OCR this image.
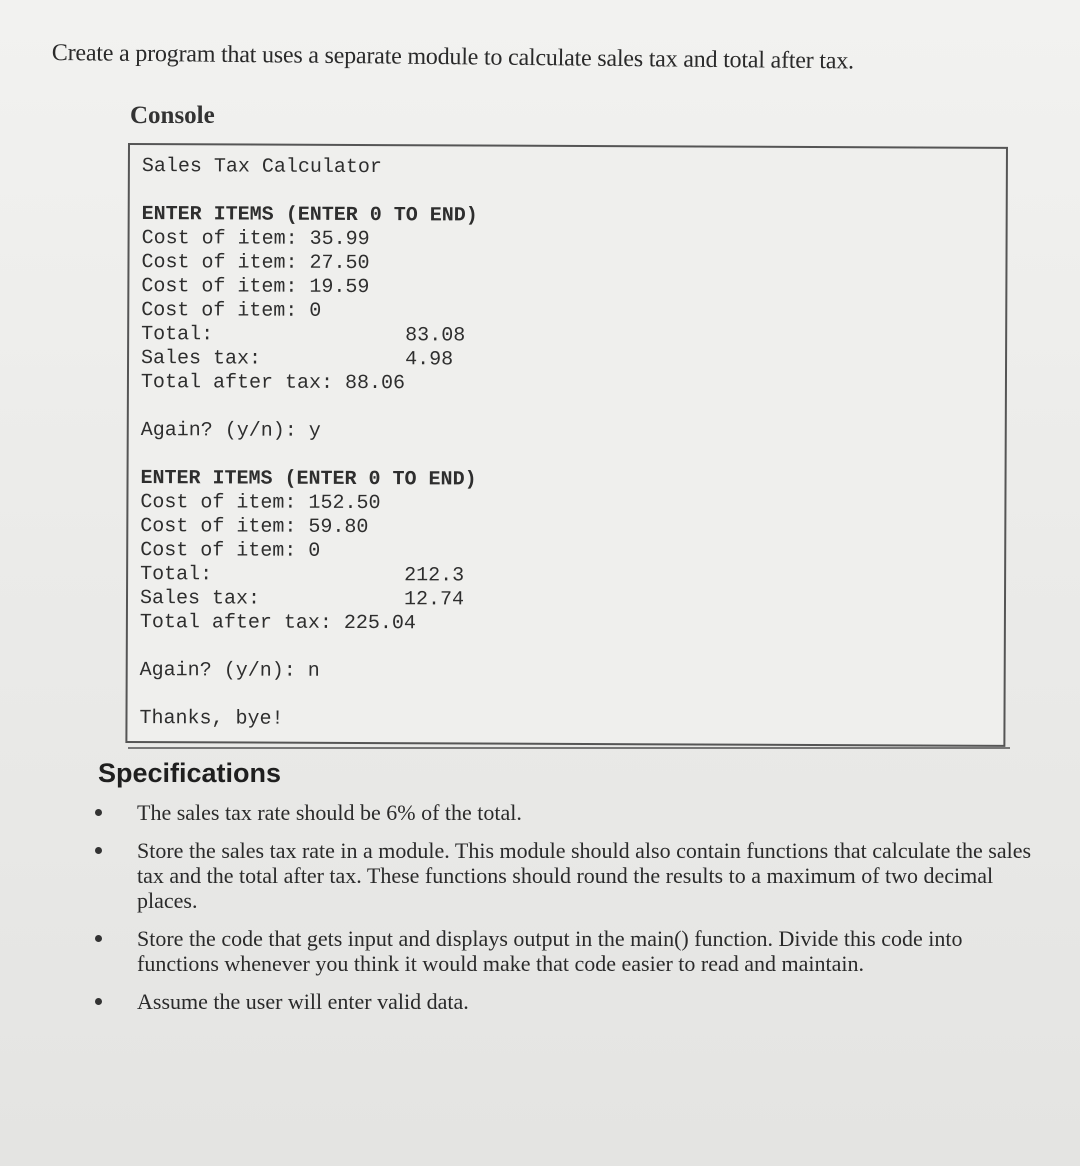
Create a program that uses a separate module to calculate sales tax and total after tax.
Console
Sales Tax Calculator
ENTER ITEMS (ENTER 0 TO END)
Cost of item: 35.99
Cost of item: 27.50
Cost of item: 19.59
Cost of item: 0
Total:                83.08
Sales tax:            4.98
Total after tax: 88.06
Again? (y/n): y
ENTER ITEMS (ENTER 0 TO END)
Cost of item: 152.50
Cost of item: 59.80
Cost of item: 0
Total:                212.3
Sales tax:            12.74
Total after tax: 225.04
Again? (y/n): n
Thanks, bye!
Specifications
The sales tax rate should be 6% of the total.
Store the sales tax rate in a module. This module should also contain functions that calculate the sales tax and the total after tax. These functions should round the results to a maximum of two decimal places.
Store the code that gets input and displays output in the main() function. Divide this code into functions whenever you think it would make that code easier to read and maintain.
Assume the user will enter valid data.
